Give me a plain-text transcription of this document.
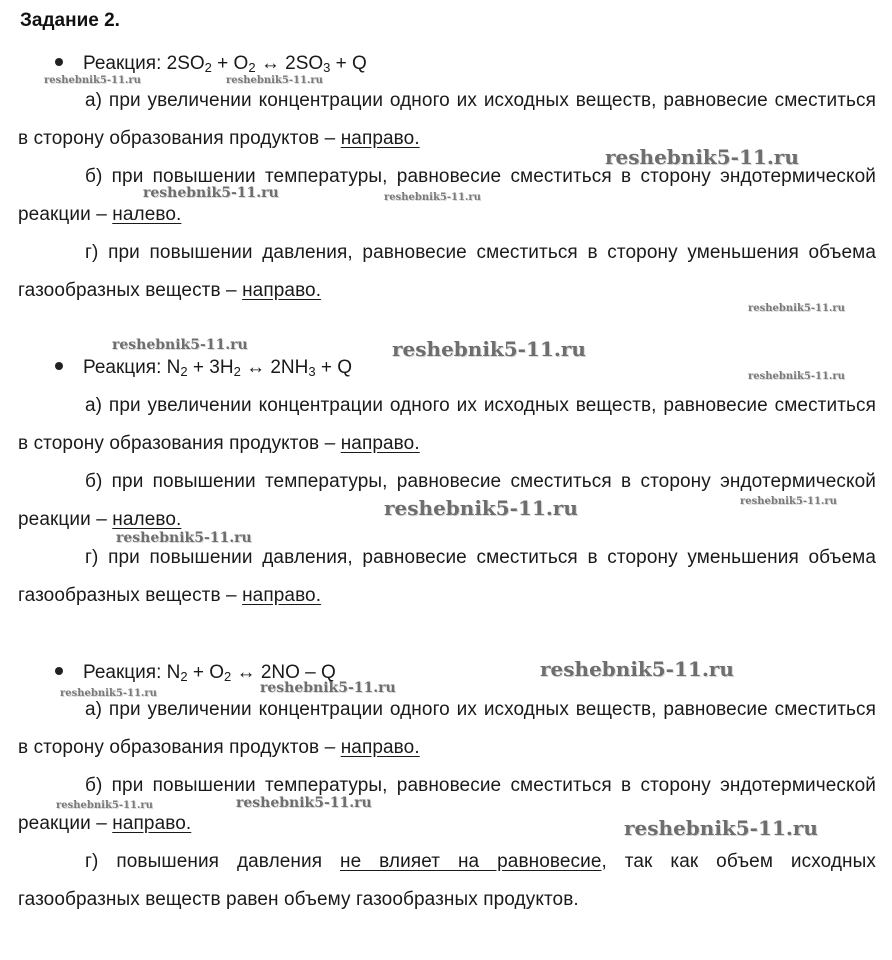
Задание 2.
Реакция: $2SO_2 + O_2$ ↔ $2SO_3 + Q$
а) при увеличении концентрации одного их исходных веществ, равновесие сместиться в сторону образования продуктов – направо.
б) при повышении температуры, равновесие сместиться в сторону эндотермической реакции – налево.
г) при повышении давления, равновесие сместиться в сторону уменьшения объема газообразных веществ – направо.
Реакция: $N_2 + 3H_2$ ↔ $2NH_3 + Q$
а) при увеличении концентрации одного их исходных веществ, равновесие сместиться в сторону образования продуктов – направо.
б) при повышении температуры, равновесие сместиться в сторону эндотермической реакции – налево.
г) при повышении давления, равновесие сместиться в сторону уменьшения объема газообразных веществ – направо.
Реакция: $N_2 + O_2$ ↔ 2NO – Q
а) при увеличении концентрации одного их исходных веществ, равновесие сместиться в сторону образования продуктов – направо.
б) при повышении температуры, равновесие сместиться в сторону эндотермической реакции – направо.
г) повышения давления не влияет на равновесие, так как объем исходных газообразных веществ равен объему газообразных продуктов.
reshebnik5-11.ru	reshebnik5-11.ru
reshebnik5-11.ru
reshebnik5-11.ru	reshebnik5-11.ru
reshebnik5-11.ru
reshebnik5-11.ru	reshebnik5-11.ru
reshebnik5-11.ru
reshebnik5-11.ru
reshebnik5-11.ru
reshebnik5-11.ru
reshebnik5-11.ru
reshebnik5-11.ru	reshebnik5-11.ru
reshebnik5-11.ru	reshebnik5-11.ru
reshebnik5-11.ru
